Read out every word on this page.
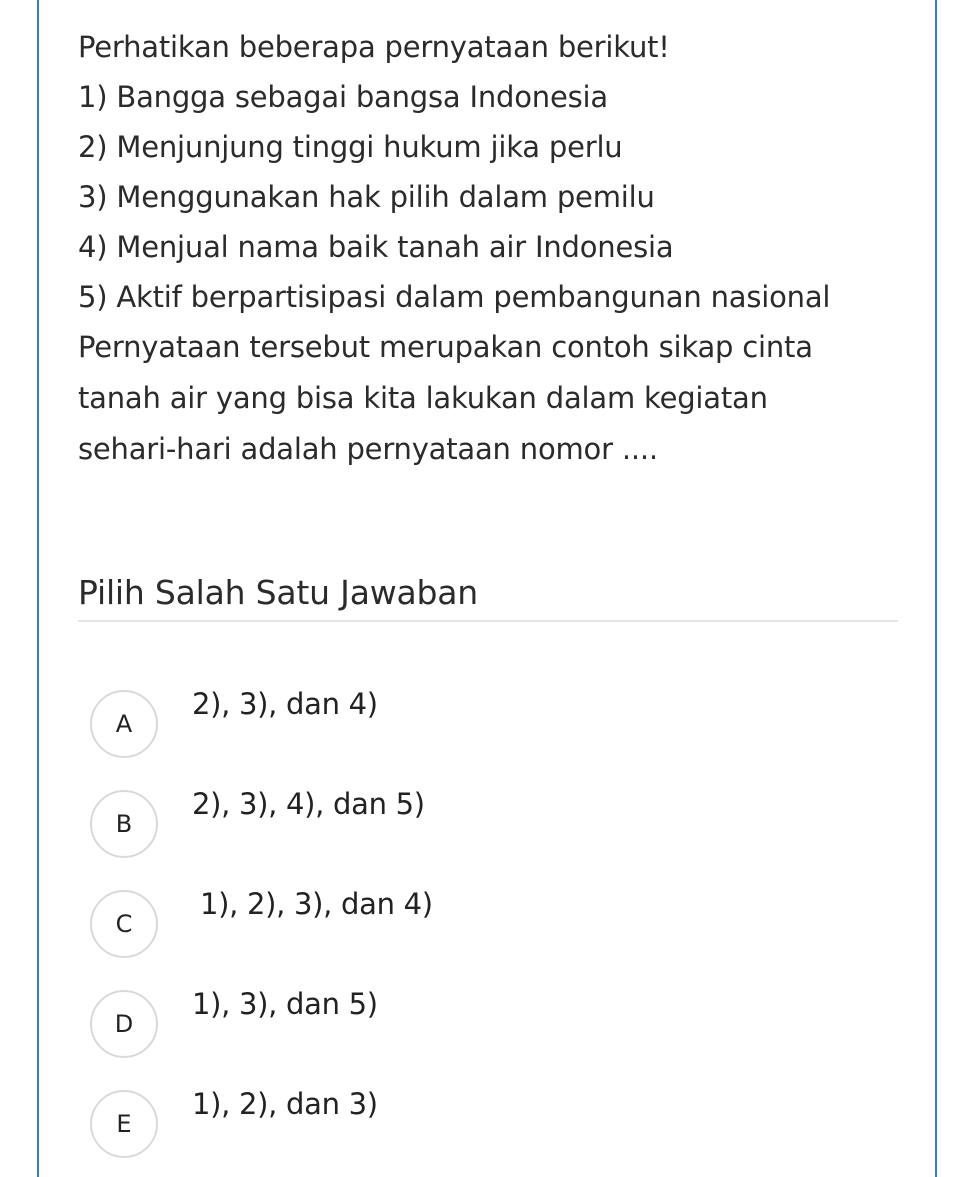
Perhatikan beberapa pernyataan berikut!
1) Bangga sebagai bangsa Indonesia
2) Menjunjung tinggi hukum jika perlu
3) Menggunakan hak pilih dalam pemilu
4) Menjual nama baik tanah air Indonesia
5) Aktif berpartisipasi dalam pembangunan nasional
Pernyataan tersebut merupakan contoh sikap cinta
tanah air yang bisa kita lakukan dalam kegiatan
sehari-hari adalah pernyataan nomor ....
Pilih Salah Satu Jawaban
A
2), 3), dan 4)
B
2), 3), 4), dan 5)
C
1), 2), 3), dan 4)
D
1), 3), dan 5)
E
1), 2), dan 3)
